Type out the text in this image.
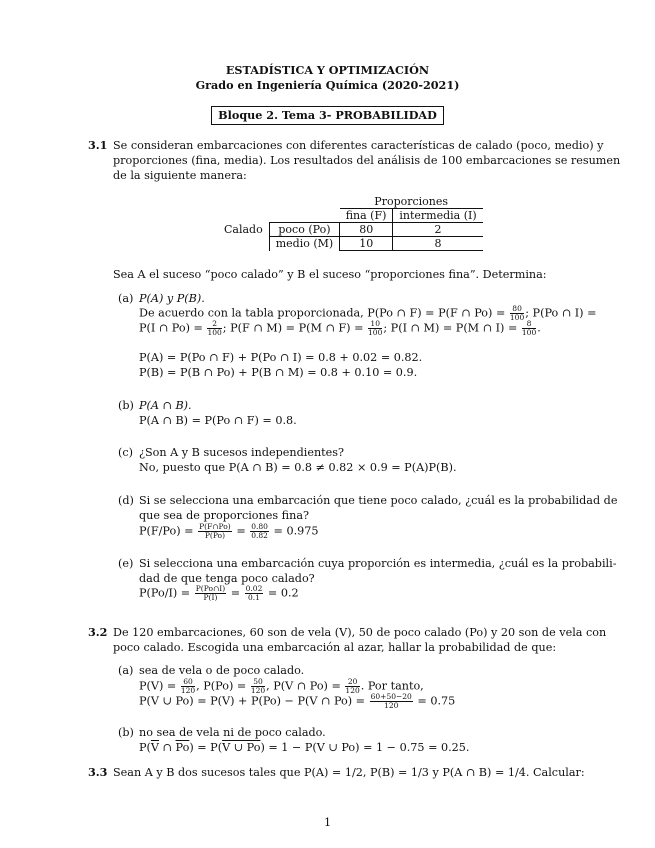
ESTADÍSTICA Y OPTIMIZACIÓN
Grado en Ingeniería Química (2020-2021)
Bloque 2. Tema 3- PROBABILIDAD
3.1 Se consideran embarcaciones con diferentes características de calado (poco, medio) y
proporciones (fina, media). Los resultados del análisis de 100 embarcaciones se resumen
de la siguiente manera:
		Proporciones	
		fina (F)	intermedia (I)
Calado	poco (Po)	80	2
	medio (M)	10	8
Sea A el suceso “poco calado” y B el suceso “proporciones fina”. Determina:
(a) P(A) y P(B).
De acuerdo con la tabla proporcionada, P(Po ∩ F) = P(F ∩ $Po) = \frac{80}{100}$ ; P(Po ∩ I) =
P(I ∩ $Po) = \frac{2}{100}$ ; P(F ∩ M) = P(M ∩ $F) = \frac{10}{100}$ ; P(I ∩ M) = P(M ∩ $I) = \frac{8}{100}$ .
P(A) = P(Po ∩ F) + P(Po ∩ I) = 0.8 + 0.02 = 0.82.
P(B) = P(B ∩ Po) + P(B ∩ M) = 0.8 + 0.10 = 0.9.
(b) P(A ∩ B).
P(A ∩ B) = P(Po ∩ F) = 0.8.
(c) ¿Son A y B sucesos independientes?
No, puesto que P(A ∩ B) = 0.8 ≠ 0.82 × 0.9 = P(A)P(B).
(d) Si se selecciona una embarcación que tiene poco calado, ¿cuál es la probabilidad de
que sea de proporciones fina?
$P(F/Po) = \frac{P(F\cap Po)}{P(Po)} = \frac{0.80}{0.82} = 0.975$
(e) Si selecciona una embarcación cuya proporción es intermedia, ¿cuál es la probabili-
dad de que tenga poco calado?
$P(Po/I) = \frac{P(Po\cap I)}{P(I)} = \frac{0.02}{0.1} = 0.2$
3.2 De 120 embarcaciones, 60 son de vela (V), 50 de poco calado (Po) y 20 son de vela con
poco calado. Escogida una embarcación al azar, hallar la probabilidad de que:
(a) sea de vela o de poco calado.
$P(V) = \frac{60}{120}$ , $P(Po) = \frac{50}{120}$ , P(V ∩ $Po) = \frac{20}{120}$ . Por tanto,
P(V ∪ Po) = P(V) + P(Po) − P(V ∩ $Po) = \frac{60+50-20}{120} = 0.75$
(b) no sea de vela ni de poco calado.
$P(\overline{V}$ ∩ $\overline{Po}) = P(V$ ∪ Po) = 1 − P(V ∪ Po) = 1 − 0.75 = 0.25.
3.3 Sean A y B dos sucesos tales que P(A) = 1/2, P(B) = 1/3 y P(A ∩ B) = 1/4. Calcular:
1
